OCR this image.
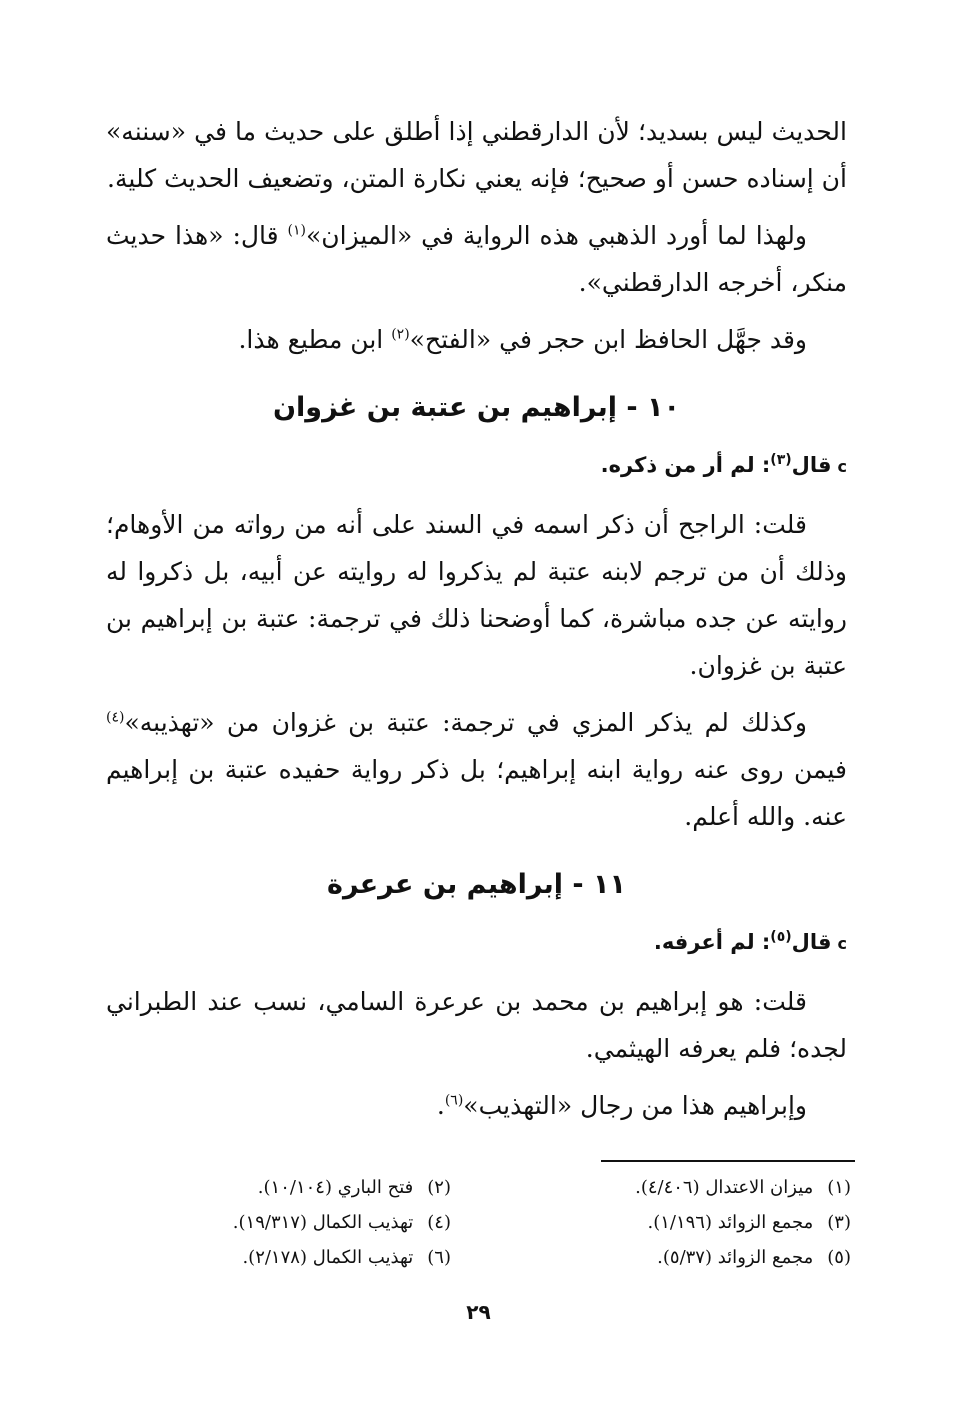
الحديث ليس بسديد؛ لأن الدارقطني إذا أطلق على حديث ما في «سننه» أن إسناده حسن أو صحيح؛ فإنه يعني نكارة المتن، وتضعيف الحديث كلية.

ولهذا لما أورد الذهبي هذه الرواية في «الميزان»$^{(١)}$ قال: «هذا حديث منكر، أخرجه الدارقطني».

وقد جهَّل الحافظ ابن حجر في «الفتح»$^{(٢)}$ ابن مطيع هذا.

١٠ - إبراهيم بن عتبة بن غزوان

cقال$^{(٣)}$: لم أر من ذكره.

قلت: الراجح أن ذكر اسمه في السند على أنه من رواته من الأوهام؛ وذلك أن من ترجم لابنه عتبة لم يذكروا له روايته عن أبيه، بل ذكروا له روايته عن جده مباشرة، كما أوضحنا ذلك في ترجمة: عتبة بن إبراهيم بن عتبة بن غزوان.

وكذلك لم يذكر المزي في ترجمة: عتبة بن غزوان من «تهذيبه»$^{(٤)}$ فيمن روى عنه رواية ابنه إبراهيم؛ بل ذكر رواية حفيده عتبة بن إبراهيم عنه. والله أعلم.

١١ - إبراهيم بن عرعرة

cقال$^{(٥)}$: لم أعرفه.

قلت: هو إبراهيم بن محمد بن عرعرة السامي، نسب عند الطبراني لجده؛ فلم يعرفه الهيثمي.

وإبراهيم هذا من رجال «التهذيب»$^{(٦)}$.

(١)ميزان الاعتدال (٤/٤٠٦).
(٢)فتح الباري (١٠/١٠٤).
(٣)مجمع الزوائد (١/١٩٦).
(٤)تهذيب الكمال (١٩/٣١٧).
(٥)مجمع الزوائد (٥/٣٧).
(٦)تهذيب الكمال (٢/١٧٨).
٢٩
